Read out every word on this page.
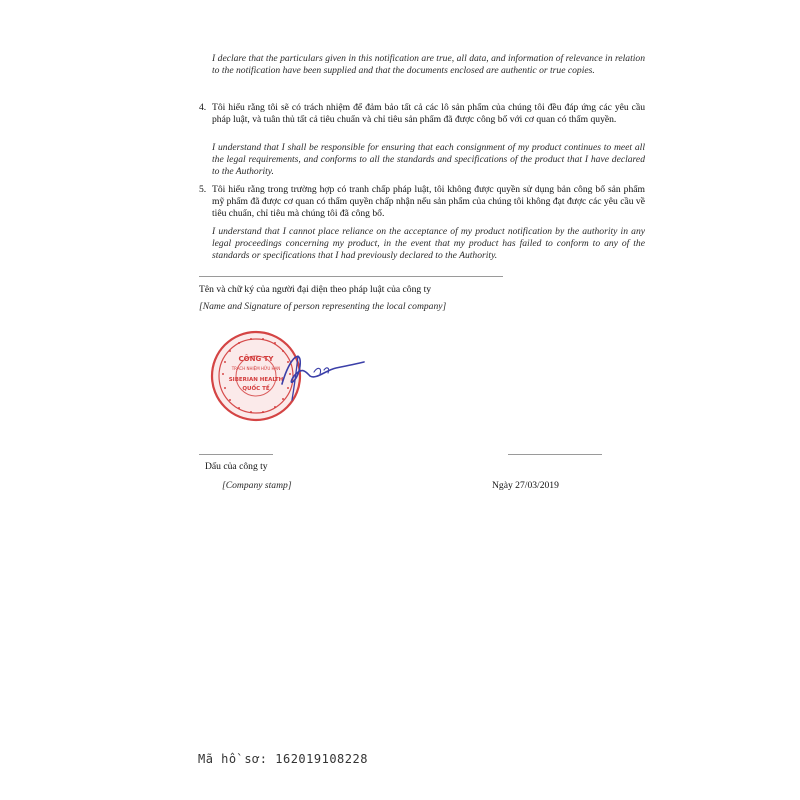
I declare that the particulars given in this notification are true, all data, and information of relevance in relation to the notification have been supplied and that the documents enclosed are authentic or true copies.

4. Tôi hiểu rằng tôi sẽ có trách nhiệm để đảm bảo tất cả các lô sản phẩm của chúng tôi đều đáp ứng các yêu cầu pháp luật, và tuân thủ tất cả tiêu chuẩn và chỉ tiêu sản phẩm đã được công bố với cơ quan có thẩm quyền.

I understand that I shall be responsible for ensuring that each consignment of my product continues to meet all the legal requirements, and conforms to all the standards and specifications of the product that I have declared to the Authority.

5. Tôi hiểu rằng trong trường hợp có tranh chấp pháp luật, tôi không được quyền sử dụng bản công bố sản phẩm mỹ phẩm đã được cơ quan có thẩm quyền chấp nhận nếu sản phẩm của chúng tôi không đạt được các yêu cầu về tiêu chuẩn, chỉ tiêu mà chúng tôi đã công bố.

I understand that I cannot place reliance on the acceptance of my product notification by the authority in any legal proceedings concerning my product, in the event that my product has failed to conform to any of the standards or specifications that I had previously declared to the Authority.

Tên và chữ ký của người đại diện theo pháp luật của công ty
[Name and Signature of person representing the local company]
CÔNG TY
TRÁCH NHIỆM HỮU HẠN
SIBERIAN HEALTH
QUỐC TẾ
Dấu của công ty
[Company stamp]	Ngày 27/03/2019
Mã hồ sơ: 162019108228
